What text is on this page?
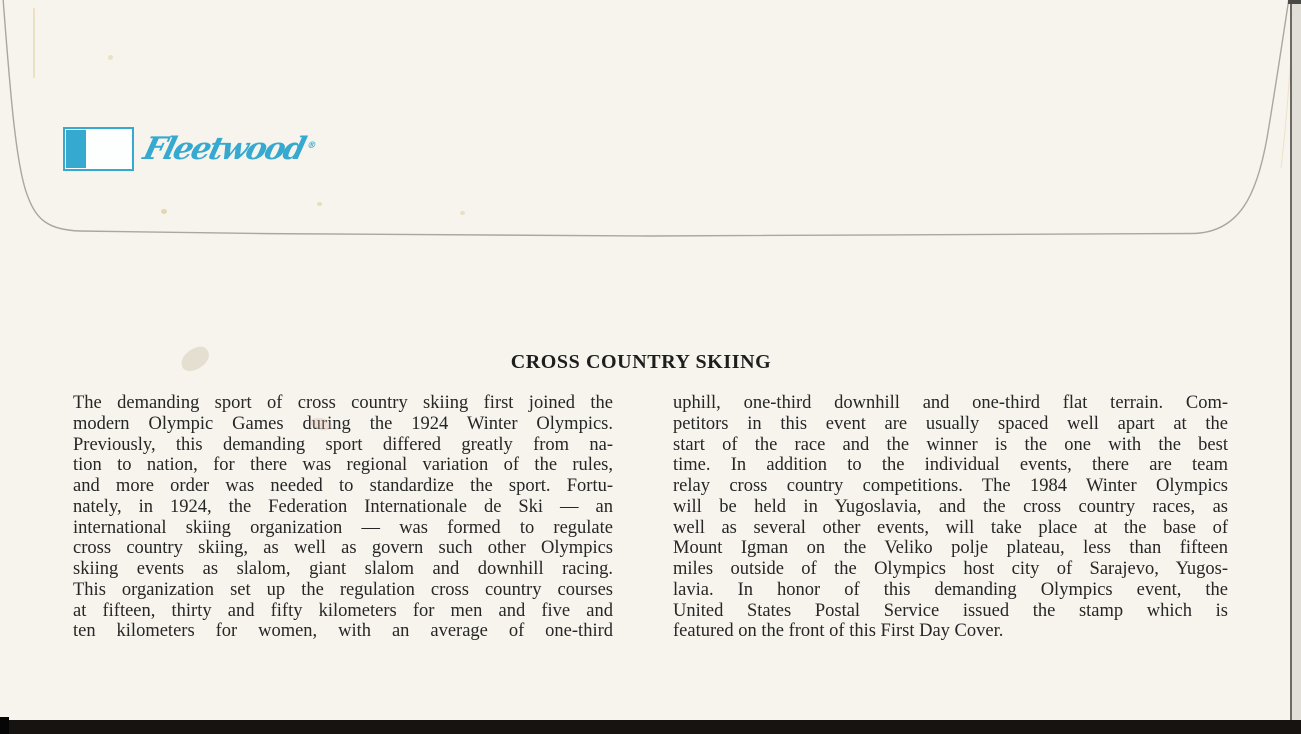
Fleetwood®
CROSS COUNTRY SKIING
The demanding sport of cross country skiing first joined the
modern Olympic Games during the 1924 Winter Olympics.
Previously, this demanding sport differed greatly from na-
tion to nation, for there was regional variation of the rules,
and more order was needed to standardize the sport. Fortu-
nately, in 1924, the Federation Internationale de Ski — an
international skiing organization — was formed to regulate
cross country skiing, as well as govern such other Olympics
skiing events as slalom, giant slalom and downhill racing.
This organization set up the regulation cross country courses
at fifteen, thirty and fifty kilometers for men and five and
ten kilometers for women, with an average of one-third
uphill, one-third downhill and one-third flat terrain. Com-
petitors in this event are usually spaced well apart at the
start of the race and the winner is the one with the best
time. In addition to the individual events, there are team
relay cross country competitions. The 1984 Winter Olympics
will be held in Yugoslavia, and the cross country races, as
well as several other events, will take place at the base of
Mount Igman on the Veliko polje plateau, less than fifteen
miles outside of the Olympics host city of Sarajevo, Yugos-
lavia. In honor of this demanding Olympics event, the
United States Postal Service issued the stamp which is
featured on the front of this First Day Cover.
